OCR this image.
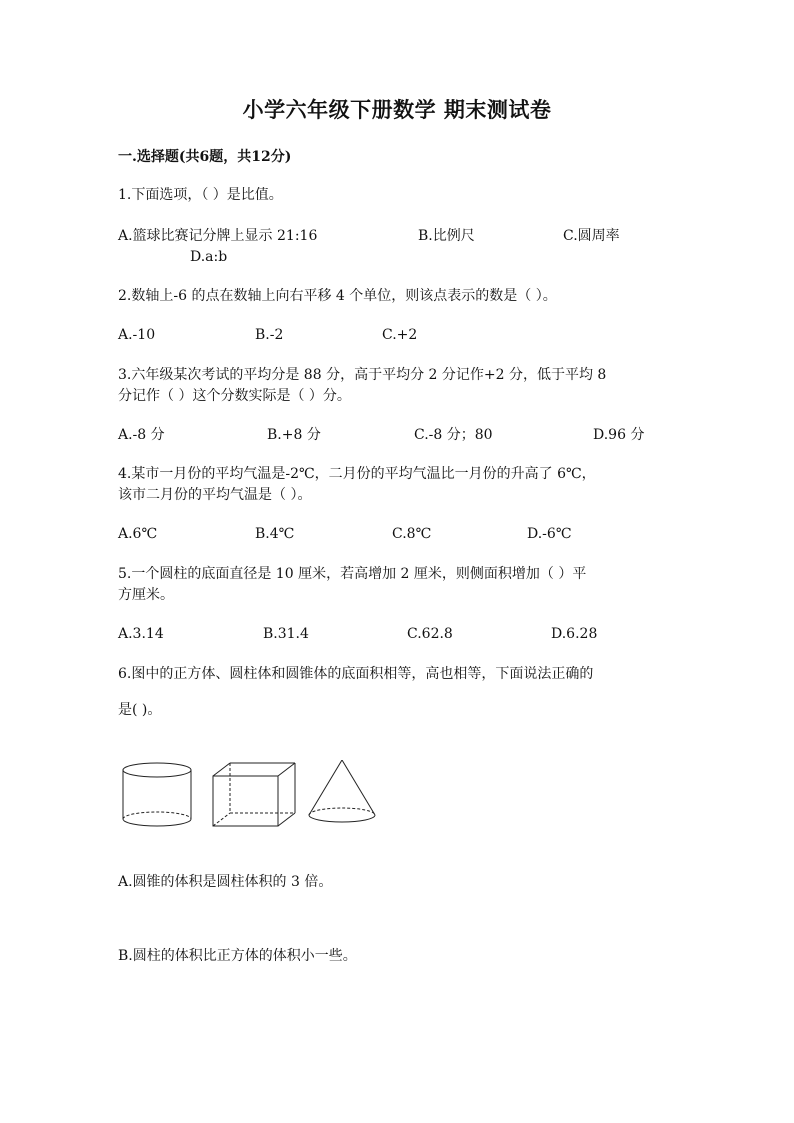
小学六年级下册数学 期末测试卷
一.选择题(共6题，共12分)
1.下面选项，（ ）是比值。
A.篮球比赛记分牌上显示 21:16	B.比例尺	C.圆周率
D.a:b
2.数轴上-6 的点在数轴上向右平移 4 个单位，则该点表示的数是（ ）。
A.-10	B.-2	C.+2
3.六年级某次考试的平均分是 88 分，高于平均分 2 分记作+2 分，低于平均 8
分记作（ ）这个分数实际是（ ）分。
A.-8 分	B.+8 分	C.-8 分；80	D.96 分
4.某市一月份的平均气温是-2℃，二月份的平均气温比一月份的升高了 6℃，
该市二月份的平均气温是（ ）。
A.6℃	B.4℃	C.8℃	D.-6℃
5.一个圆柱的底面直径是 10 厘米，若高增加 2 厘米，则侧面积增加（ ）平
方厘米。
A.3.14	B.31.4	C.62.8	D.6.28
6.图中的正方体、圆柱体和圆锥体的底面积相等，高也相等，下面说法正确的
是( )。
A.圆锥的体积是圆柱体积的 3 倍。
B.圆柱的体积比正方体的体积小一些。
